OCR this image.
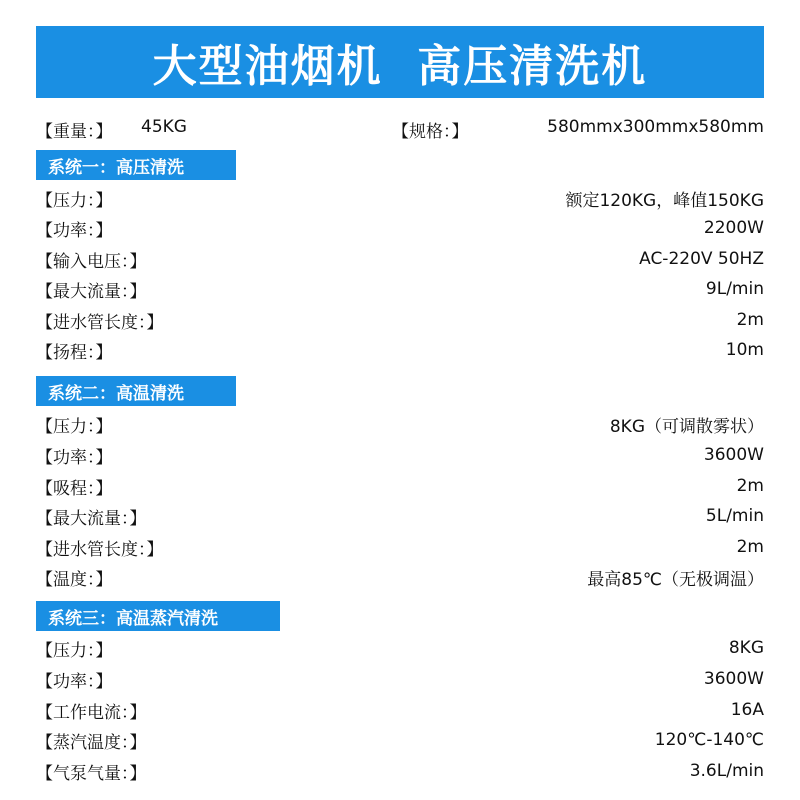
大型油烟机  高压清洗机
【重量：】 45KG	【规格：】	580mmx300mmx580mm
系统一：高压清洗
【压力：】	额定120KG，峰值150KG
【功率：】	2200W
【输入电压：】	AC-220V 50HZ
【最大流量：】	9L/min
【进水管长度：】	2m
【扬程：】	10m
系统二：高温清洗
【压力：】	8KG（可调散雾状）
【功率：】	3600W
【吸程：】	2m
【最大流量：】	5L/min
【进水管长度：】	2m
【温度：】	最高85℃（无极调温）
系统三：高温蒸汽清洗
【压力：】	8KG
【功率：】	3600W
【工作电流：】	16A
【蒸汽温度：】	120℃-140℃
【气泵气量：】	3.6L/min
